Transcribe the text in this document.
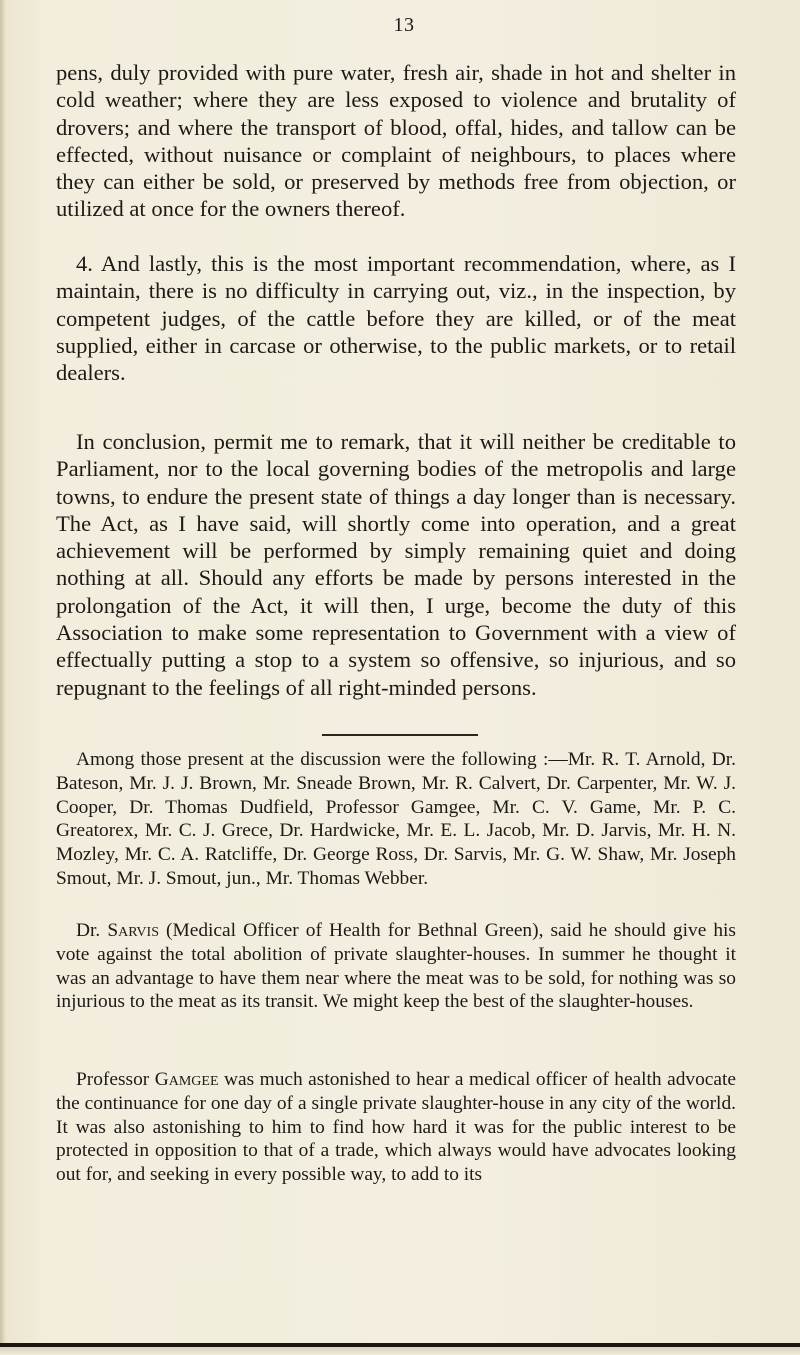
13

pens, duly provided with pure water, fresh air, shade in hot and shelter in cold weather; where they are less exposed to violence and brutality of drovers; and where the transport of blood, offal, hides, and tallow can be effected, without nuisance or complaint of neighbours, to places where they can either be sold, or preserved by methods free from objection, or utilized at once for the owners thereof.

4. And lastly, this is the most important recommendation, where, as I maintain, there is no difficulty in carrying out, viz., in the inspection, by competent judges, of the cattle before they are killed, or of the meat supplied, either in carcase or otherwise, to the public markets, or to retail dealers.

In conclusion, permit me to remark, that it will neither be creditable to Parliament, nor to the local governing bodies of the metropolis and large towns, to endure the present state of things a day longer than is necessary. The Act, as I have said, will shortly come into operation, and a great achievement will be performed by simply remaining quiet and doing nothing at all. Should any efforts be made by persons interested in the prolongation of the Act, it will then, I urge, become the duty of this Association to make some representation to Government with a view of effectually putting a stop to a system so offensive, so injurious, and so repugnant to the feelings of all right-minded persons.

Among those present at the discussion were the following :—Mr. R. T. Arnold, Dr. Bateson, Mr. J. J. Brown, Mr. Sneade Brown, Mr. R. Calvert, Dr. Carpenter, Mr. W. J. Cooper, Dr. Thomas Dudfield, Professor Gamgee, Mr. C. V. Game, Mr. P. C. Greatorex, Mr. C. J. Grece, Dr. Hardwicke, Mr. E. L. Jacob, Mr. D. Jarvis, Mr. H. N. Mozley, Mr. C. A. Ratcliffe, Dr. George Ross, Dr. Sarvis, Mr. G. W. Shaw, Mr. Joseph Smout, Mr. J. Smout, jun., Mr. Thomas Webber.

Dr. Sarvis (Medical Officer of Health for Bethnal Green), said he should give his vote against the total abolition of private slaughter-houses. In summer he thought it was an advantage to have them near where the meat was to be sold, for nothing was so injurious to the meat as its transit. We might keep the best of the slaughter-houses.

Professor Gamgee was much astonished to hear a medical officer of health advocate the continuance for one day of a single private slaughter-house in any city of the world. It was also astonishing to him to find how hard it was for the public interest to be protected in opposition to that of a trade, which always would have advocates looking out for, and seeking in every possible way, to add to its
